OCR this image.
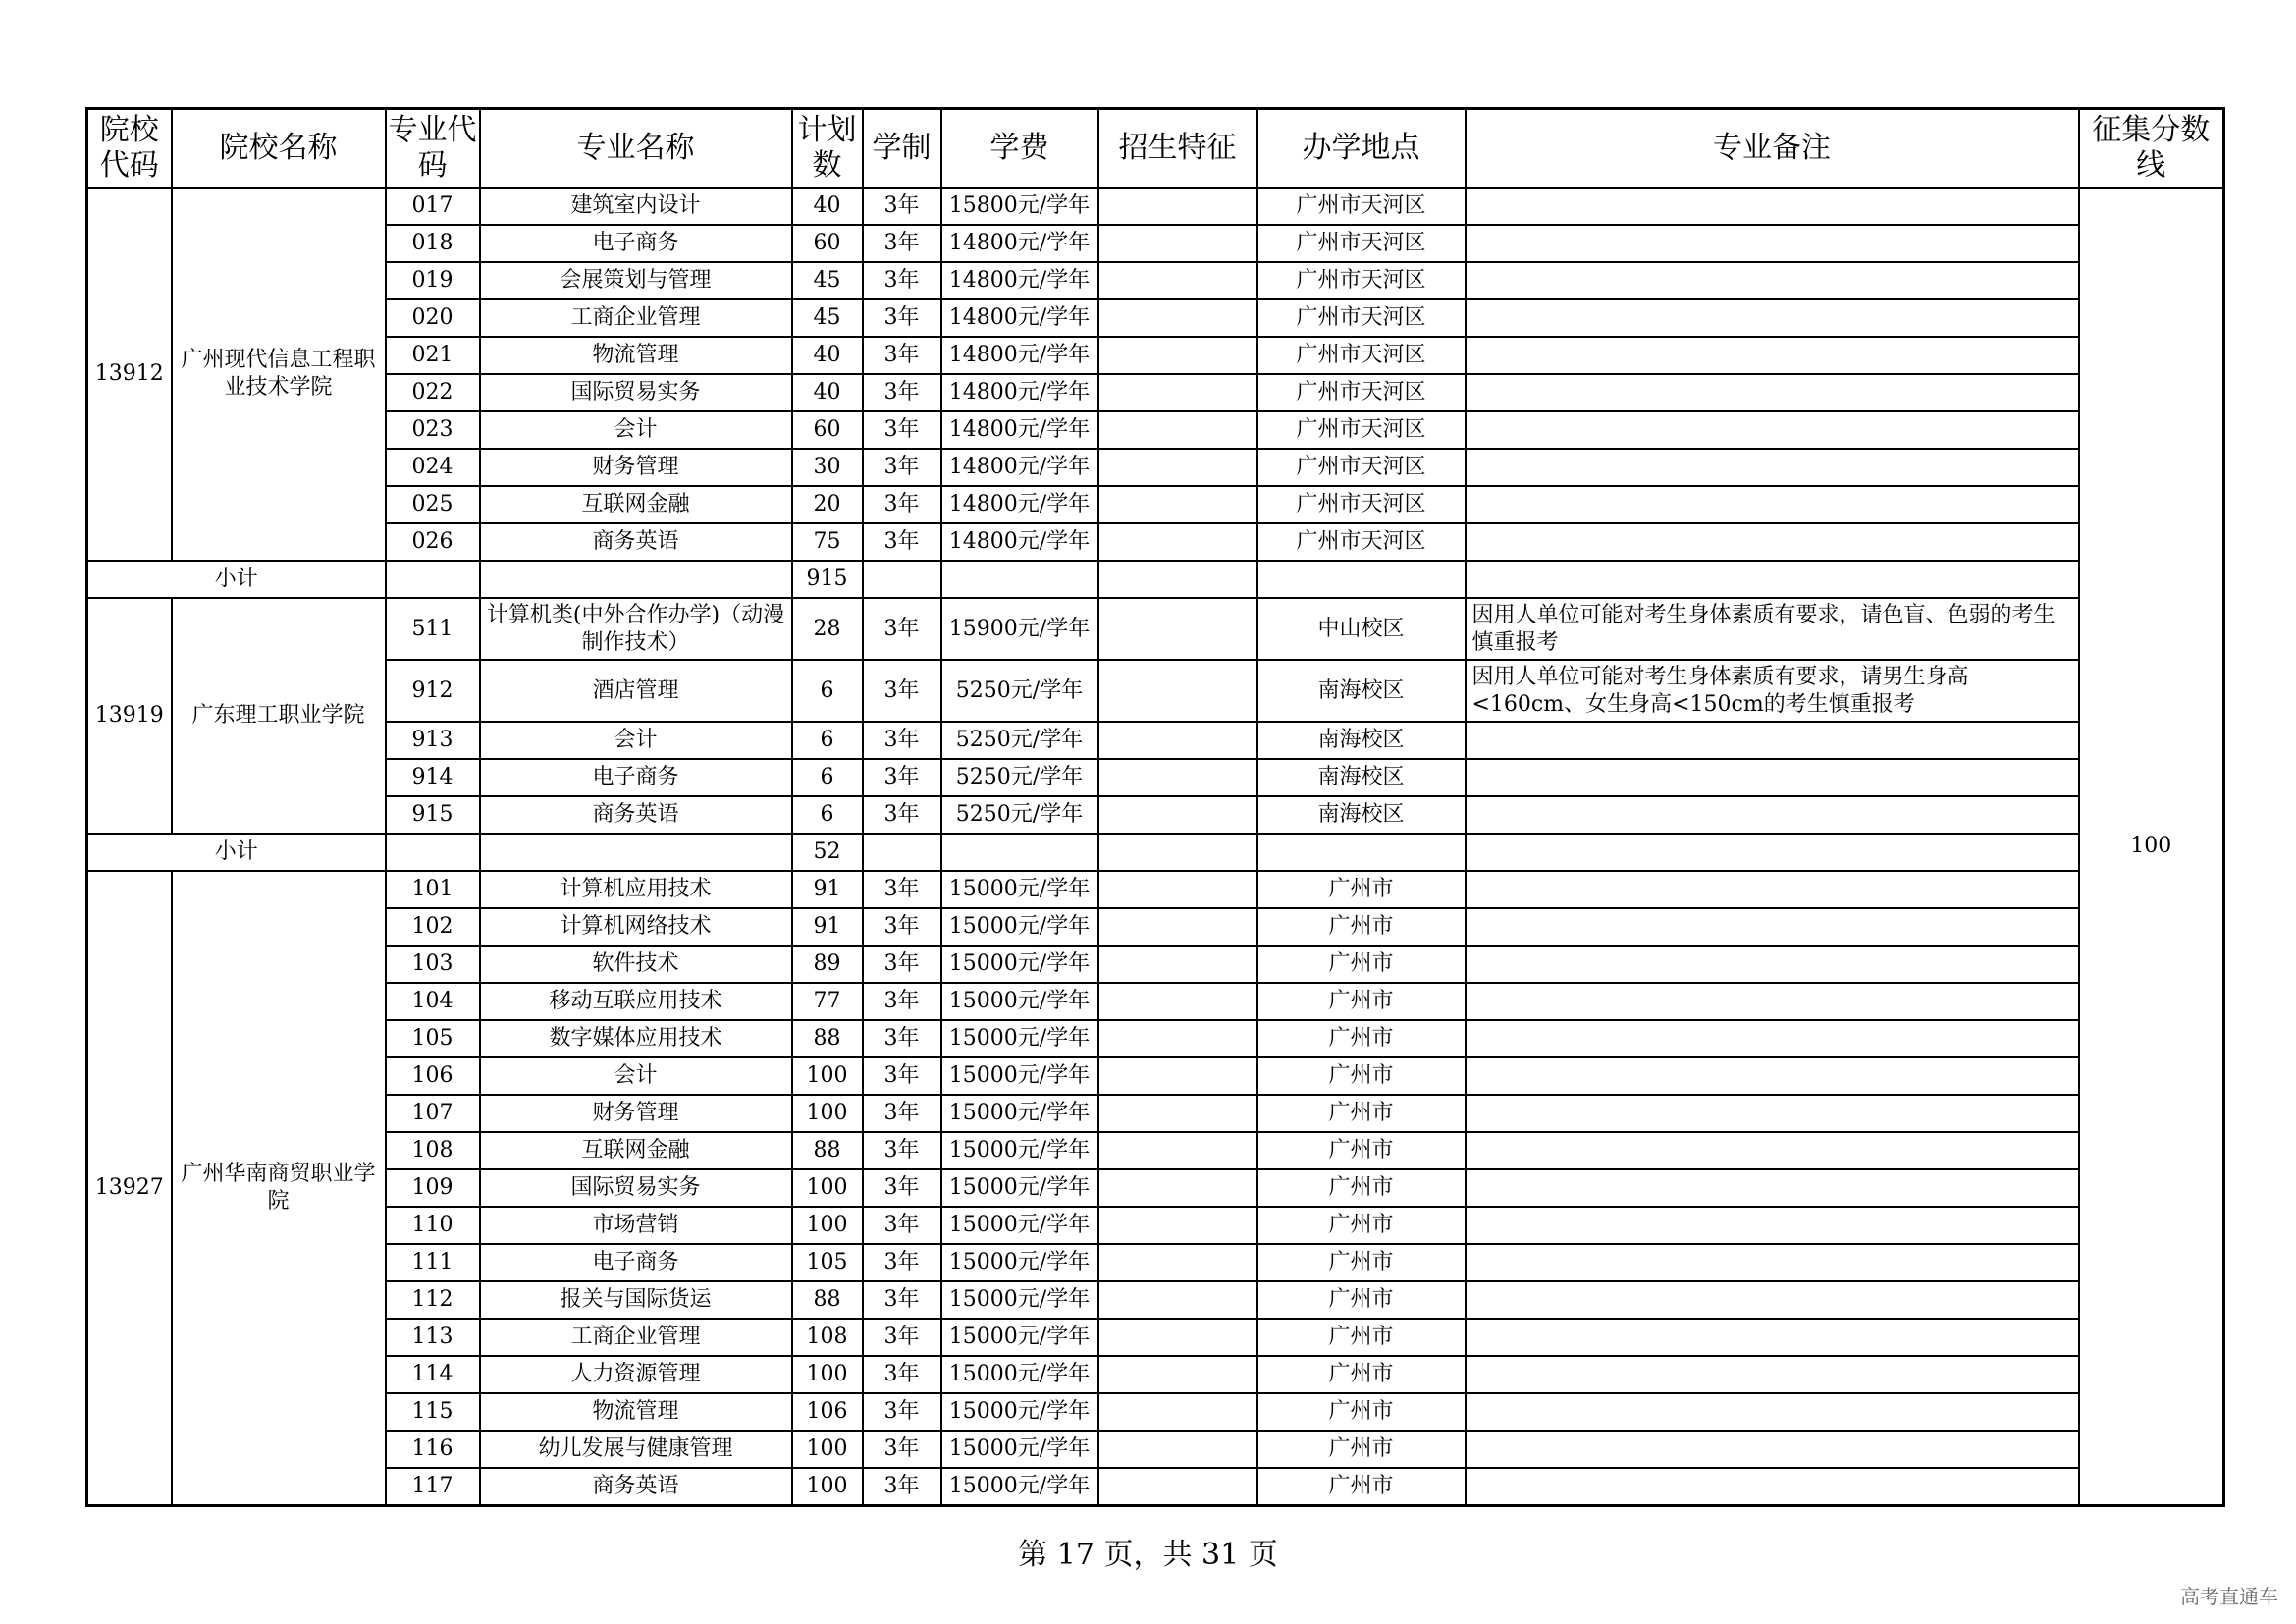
院校代码	院校名称	专业代码	专业名称	计划数	学制	学费	招生特征	办学地点	专业备注	征集分数线
13912	广州现代信息工程职业技术学院	017	建筑室内设计	40	3年	15800元/学年		广州市天河区		100
		018	电子商务	60	3年	14800元/学年		广州市天河区		
		019	会展策划与管理	45	3年	14800元/学年		广州市天河区		
		020	工商企业管理	45	3年	14800元/学年		广州市天河区		
		021	物流管理	40	3年	14800元/学年		广州市天河区		
		022	国际贸易实务	40	3年	14800元/学年		广州市天河区		
		023	会计	60	3年	14800元/学年		广州市天河区		
		024	财务管理	30	3年	14800元/学年		广州市天河区		
		025	互联网金融	20	3年	14800元/学年		广州市天河区		
		026	商务英语	75	3年	14800元/学年		广州市天河区		
小计				915						
13919	广东理工职业学院	511	计算机类(中外合作办学)（动漫制作技术）	28	3年	15900元/学年		中山校区	因用人单位可能对考生身体素质有要求，请色盲、色弱的考生慎重报考	
		912	酒店管理	6	3年	5250元/学年		南海校区	因用人单位可能对考生身体素质有要求，请男生身高<160cm、女生身高<150cm的考生慎重报考	
		913	会计	6	3年	5250元/学年		南海校区		
		914	电子商务	6	3年	5250元/学年		南海校区		
		915	商务英语	6	3年	5250元/学年		南海校区		
小计				52						
13927	广州华南商贸职业学院	101	计算机应用技术	91	3年	15000元/学年		广州市		
		102	计算机网络技术	91	3年	15000元/学年		广州市		
		103	软件技术	89	3年	15000元/学年		广州市		
		104	移动互联应用技术	77	3年	15000元/学年		广州市		
		105	数字媒体应用技术	88	3年	15000元/学年		广州市		
		106	会计	100	3年	15000元/学年		广州市		
		107	财务管理	100	3年	15000元/学年		广州市		
		108	互联网金融	88	3年	15000元/学年		广州市		
		109	国际贸易实务	100	3年	15000元/学年		广州市		
		110	市场营销	100	3年	15000元/学年		广州市		
		111	电子商务	105	3年	15000元/学年		广州市		
		112	报关与国际货运	88	3年	15000元/学年		广州市		
		113	工商企业管理	108	3年	15000元/学年		广州市		
		114	人力资源管理	100	3年	15000元/学年		广州市		
		115	物流管理	106	3年	15000元/学年		广州市		
		116	幼儿发展与健康管理	100	3年	15000元/学年		广州市		
		117	商务英语	100	3年	15000元/学年		广州市		
第 17 页，共 31 页
高考直通车
